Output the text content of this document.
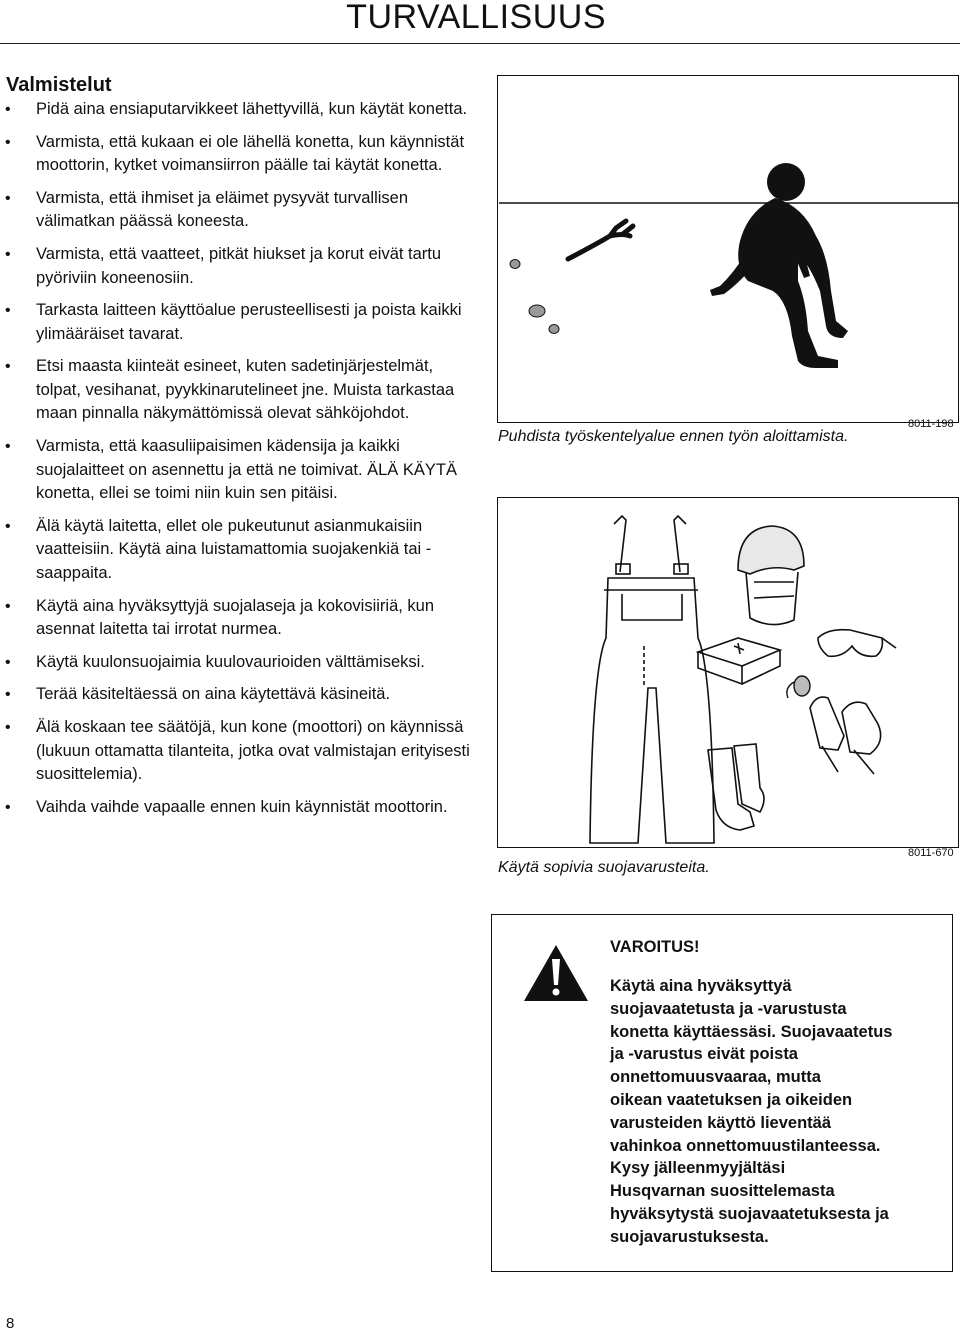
TURVALLISUUS
Valmistelut
• Pidä aina ensiaputarvikkeet lähettyvillä, kun käytät konetta.
• Varmista, että kukaan ei ole lähellä konetta, kun käynnistät moottorin, kytket voimansiirron päälle tai käytät konetta.
• Varmista, että ihmiset ja eläimet pysyvät turvallisen välimatkan päässä koneesta.
• Varmista, että vaatteet, pitkät hiukset ja korut eivät tartu pyöriviin koneenosiin.
• Tarkasta laitteen käyttöalue perusteellisesti ja poista kaikki ylimääräiset tavarat.
• Etsi maasta kiinteät esineet, kuten sadetinjärjestelmät, tolpat, vesihanat, pyykkinarutelineet jne. Muista tarkastaa maan pinnalla näkymättömissä olevat sähköjohdot.
• Varmista, että kaasuliipaisimen kädensija ja kaikki suojalaitteet on asennettu ja että ne toimivat. ÄLÄ KÄYTÄ konetta, ellei se toimi niin kuin sen pitäisi.
• Älä käytä laitetta, ellet ole pukeutunut asianmukaisiin vaatteisiin. Käytä aina luistamattomia suojakenkiä tai -saappaita.
• Käytä aina hyväksyttyjä suojalaseja ja kokovisiiriä, kun asennat laitetta tai irrotat nurmea.
• Käytä kuulonsuojaimia kuulovaurioiden välttämiseksi.
• Terää käsiteltäessä on aina käytettävä käsineitä.
• Älä koskaan tee säätöjä, kun kone (moottori) on käynnissä (lukuun ottamatta tilanteita, jotka ovat valmistajan erityisesti suosittelemia).
• Vaihda vaihde vapaalle ennen kuin käynnistät moottorin.
Puhdista työskentelyalue ennen työn aloittamista.
8011-198
Käytä sopivia suojavarusteita.
8011-670
VAROITUS!
Käytä aina hyväksyttyä
suojavaatetusta ja -varustusta
konetta käyttäessäsi. Suojavaatetus
ja -varustus eivät poista
onnettomuusvaaraa, mutta
oikean vaatetuksen ja oikeiden
varusteiden käyttö lieventää
vahinkoa onnettomuustilanteessa.
Kysy jälleenmyyjältäsi
Husqvarnan suosittelemasta
hyväksytystä suojavaatetuksesta ja
suojavarustuksesta.
8
